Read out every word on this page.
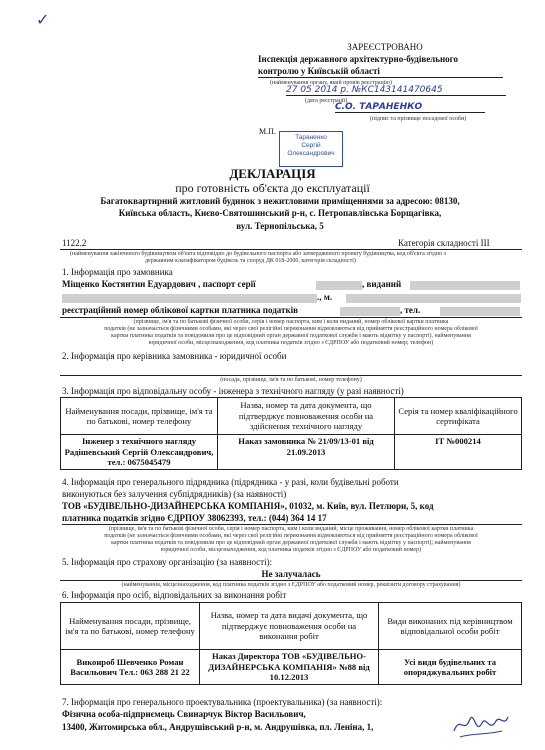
✓
ЗАРЕЄСТРОВАНО
Інспекція державного архітектурно-будівельного
контролю у Київській області
(найменування органу, який провів реєстрацію)
27 05 2014 р. №КС143141470645
(дата реєстрації)
С.О. ТАРАНЕНКО
(підпис та прізвище посадової особи)
М.П.
Тараненко
Сергій
Олександрович
ДЕКЛАРАЦІЯ
про готовність об'єкта до експлуатації
Багатоквартирний житловий будинок з нежитловими приміщеннями за адресою: 08130,
Київська область, Києво-Святошинський р-н, с. Петропавлівська Борщагівка,
вул. Тернопільська, 5
1122.2	Категорія складності ІІІ
(найменування закінченого будівництвом об'єкта відповідно до будівельного паспорта або затвердженого проекту будівництва, код об'єкта згідно з
державним класифікатором будівель та споруд ДК 018-2000, категорія складності)
1. Інформація про замовника
Міщенко Костянтин Едуардович , паспорт серії	, виданий
., м.
реєстраційний номер облікової картки платника податків	, тел.
(прізвище, ім'я та по батькові фізичної особи, серія і номер паспорта, ким і коли виданий, номер облікової картки платника
податків (не зазначається фізичними особами, які через свої релігійні переконання відмовляються від прийняття реєстраційного номера облікової
картки платника податків та повідомили про це відповідний орган державної податкової служби і мають відмітку у паспорті), найменування
юридичної особи, місцезнаходження, код платника податків згідно з ЄДРПОУ або податковий номер; телефон)
2. Інформація про керівника замовника - юридичної особи
(посада, прізвище, ім'я та по батькові, номер телефону)
3. Інформація про відповідальну особу - інженера з технічного нагляду (у разі наявності)
Найменування посади, прізвище, ім'я та по батькові, номер телефону	Назва, номер та дата документа, що підтверджує повноваження особи на здійснення технічного нагляду	Серія та номер кваліфікаційного сертифіката
Інженер з технічного нагляду Радішевський Сергій Олександрович, тел.: 0675045479	Наказ замовника № 21/09/13-01 від 21.09.2013	ІТ №000214
4. Інформація про генерального підрядника (підрядника - у разі, коли будівельні роботи
виконуються без залучення субпідрядників) (за наявності)
ТОВ «БУДІВЕЛЬНО-ДИЗАЙНЕРСЬКА КОМПАНІЯ», 01032, м. Київ, вул. Петлюри, 5, код
платника податків згідно ЄДРПОУ 38062393, тел.: (044) 364 14 17
(прізвище, ім'я та по батькові фізичної особи, серія і номер паспорта, ким і коли виданий, місце проживання, номер облікової картки платника
податків (не зазначається фізичними особами, які через свої релігійні переконання відмовляються від прийняття реєстраційного номера облікової
картки платника податків та повідомили про це відповідний орган державної податкової служби і мають відмітку у паспорті); найменування
юридичної особи, місцезнаходження, код платника податків згідно з ЄДРПОУ або податковий номер)
5. Інформація про страхову організацію (за наявності):
Не залучалась
(найменування, місцезнаходження, код платника податків згідно з ЄДРПОУ або податковий номер, реквізити договору страхування)
6. Інформація про осіб, відповідальних за виконання робіт
Найменування посади, прізвище, ім'я та по батькові, номер телефону	Назва, номер та дата видачі документа, що підтверджує повноваження особи на виконання робіт	Види виконаних під керівництвом відповідальної особи робіт
Виконроб Шевченко Роман Васильович Тел.: 063 288 21 22	Наказ Директора ТОВ «БУДІВЕЛЬНО-ДИЗАЙНЕРСЬКА КОМПАНІЯ» №88 від 10.12.2013	Усі види будівельних та опоряджувальних робіт
7. Інформація про генерального проектувальника (проектувальника) (за наявності):
Фізична особа-підприємець Свинарчук Віктор Васильович,
13400, Житомирська обл., Андрушівський р-н, м. Андрушівка, пл. Леніна, 1,
